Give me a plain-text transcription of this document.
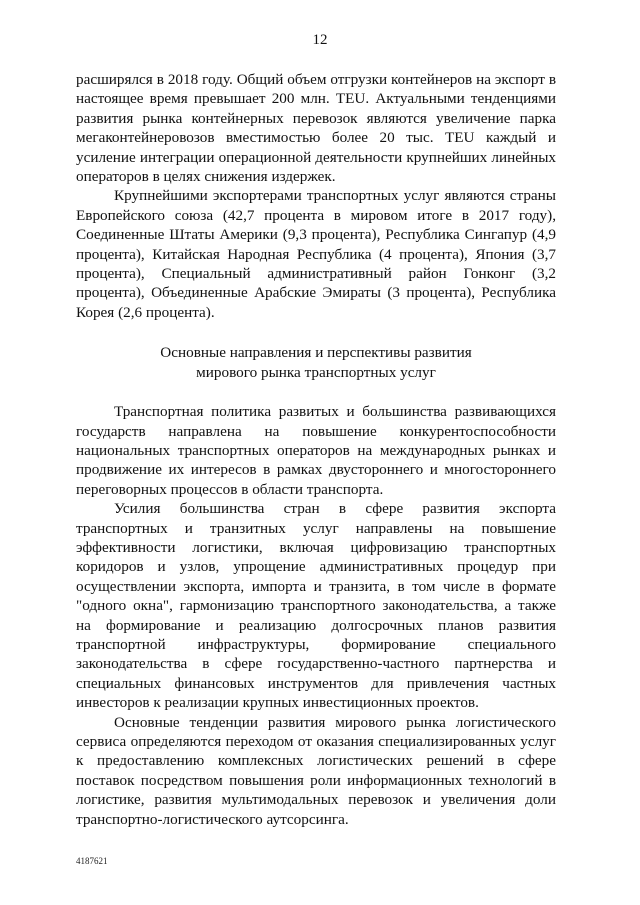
12

расширялся в 2018 году. Общий объем отгрузки контейнеров на экспорт в настоящее время превышает 200 млн. TEU. Актуальными тенденциями развития рынка контейнерных перевозок являются увеличение парка мегаконтейнеровозов вместимостью более 20 тыс. TEU каждый и усиление интеграции операционной деятельности крупнейших линейных операторов в целях снижения издержек.

Крупнейшими экспортерами транспортных услуг являются страны Европейского союза (42,7 процента в мировом итоге в 2017 году), Соединенные Штаты Америки (9,3 процента), Республика Сингапур (4,9 процента), Китайская Народная Республика (4 процента), Япония (3,7 процента), Специальный административный район Гонконг (3,2 процента), Объединенные Арабские Эмираты (3 процента), Республика Корея (2,6 процента).

Основные направления и перспективы развития
мирового рынка транспортных услуг

Транспортная политика развитых и большинства развивающихся государств направлена на повышение конкурентоспособности национальных транспортных операторов на международных рынках и продвижение их интересов в рамках двустороннего и многостороннего переговорных процессов в области транспорта.

Усилия большинства стран в сфере развития экспорта транспортных и транзитных услуг направлены на повышение эффективности логистики, включая цифровизацию транспортных коридоров и узлов, упрощение административных процедур при осуществлении экспорта, импорта и транзита, в том числе в формате "одного окна", гармонизацию транспортного законодательства, а также на формирование и реализацию долгосрочных планов развития транспортной инфраструктуры, формирование специального законодательства в сфере государственно-частного партнерства и специальных финансовых инструментов для привлечения частных инвесторов к реализации крупных инвестиционных проектов.

Основные тенденции развития мирового рынка логистического сервиса определяются переходом от оказания специализированных услуг к предоставлению комплексных логистических решений в сфере поставок посредством повышения роли информационных технологий в логистике, развития мультимодальных перевозок и увеличения доли транспортно-логистического аутсорсинга.

4187621
